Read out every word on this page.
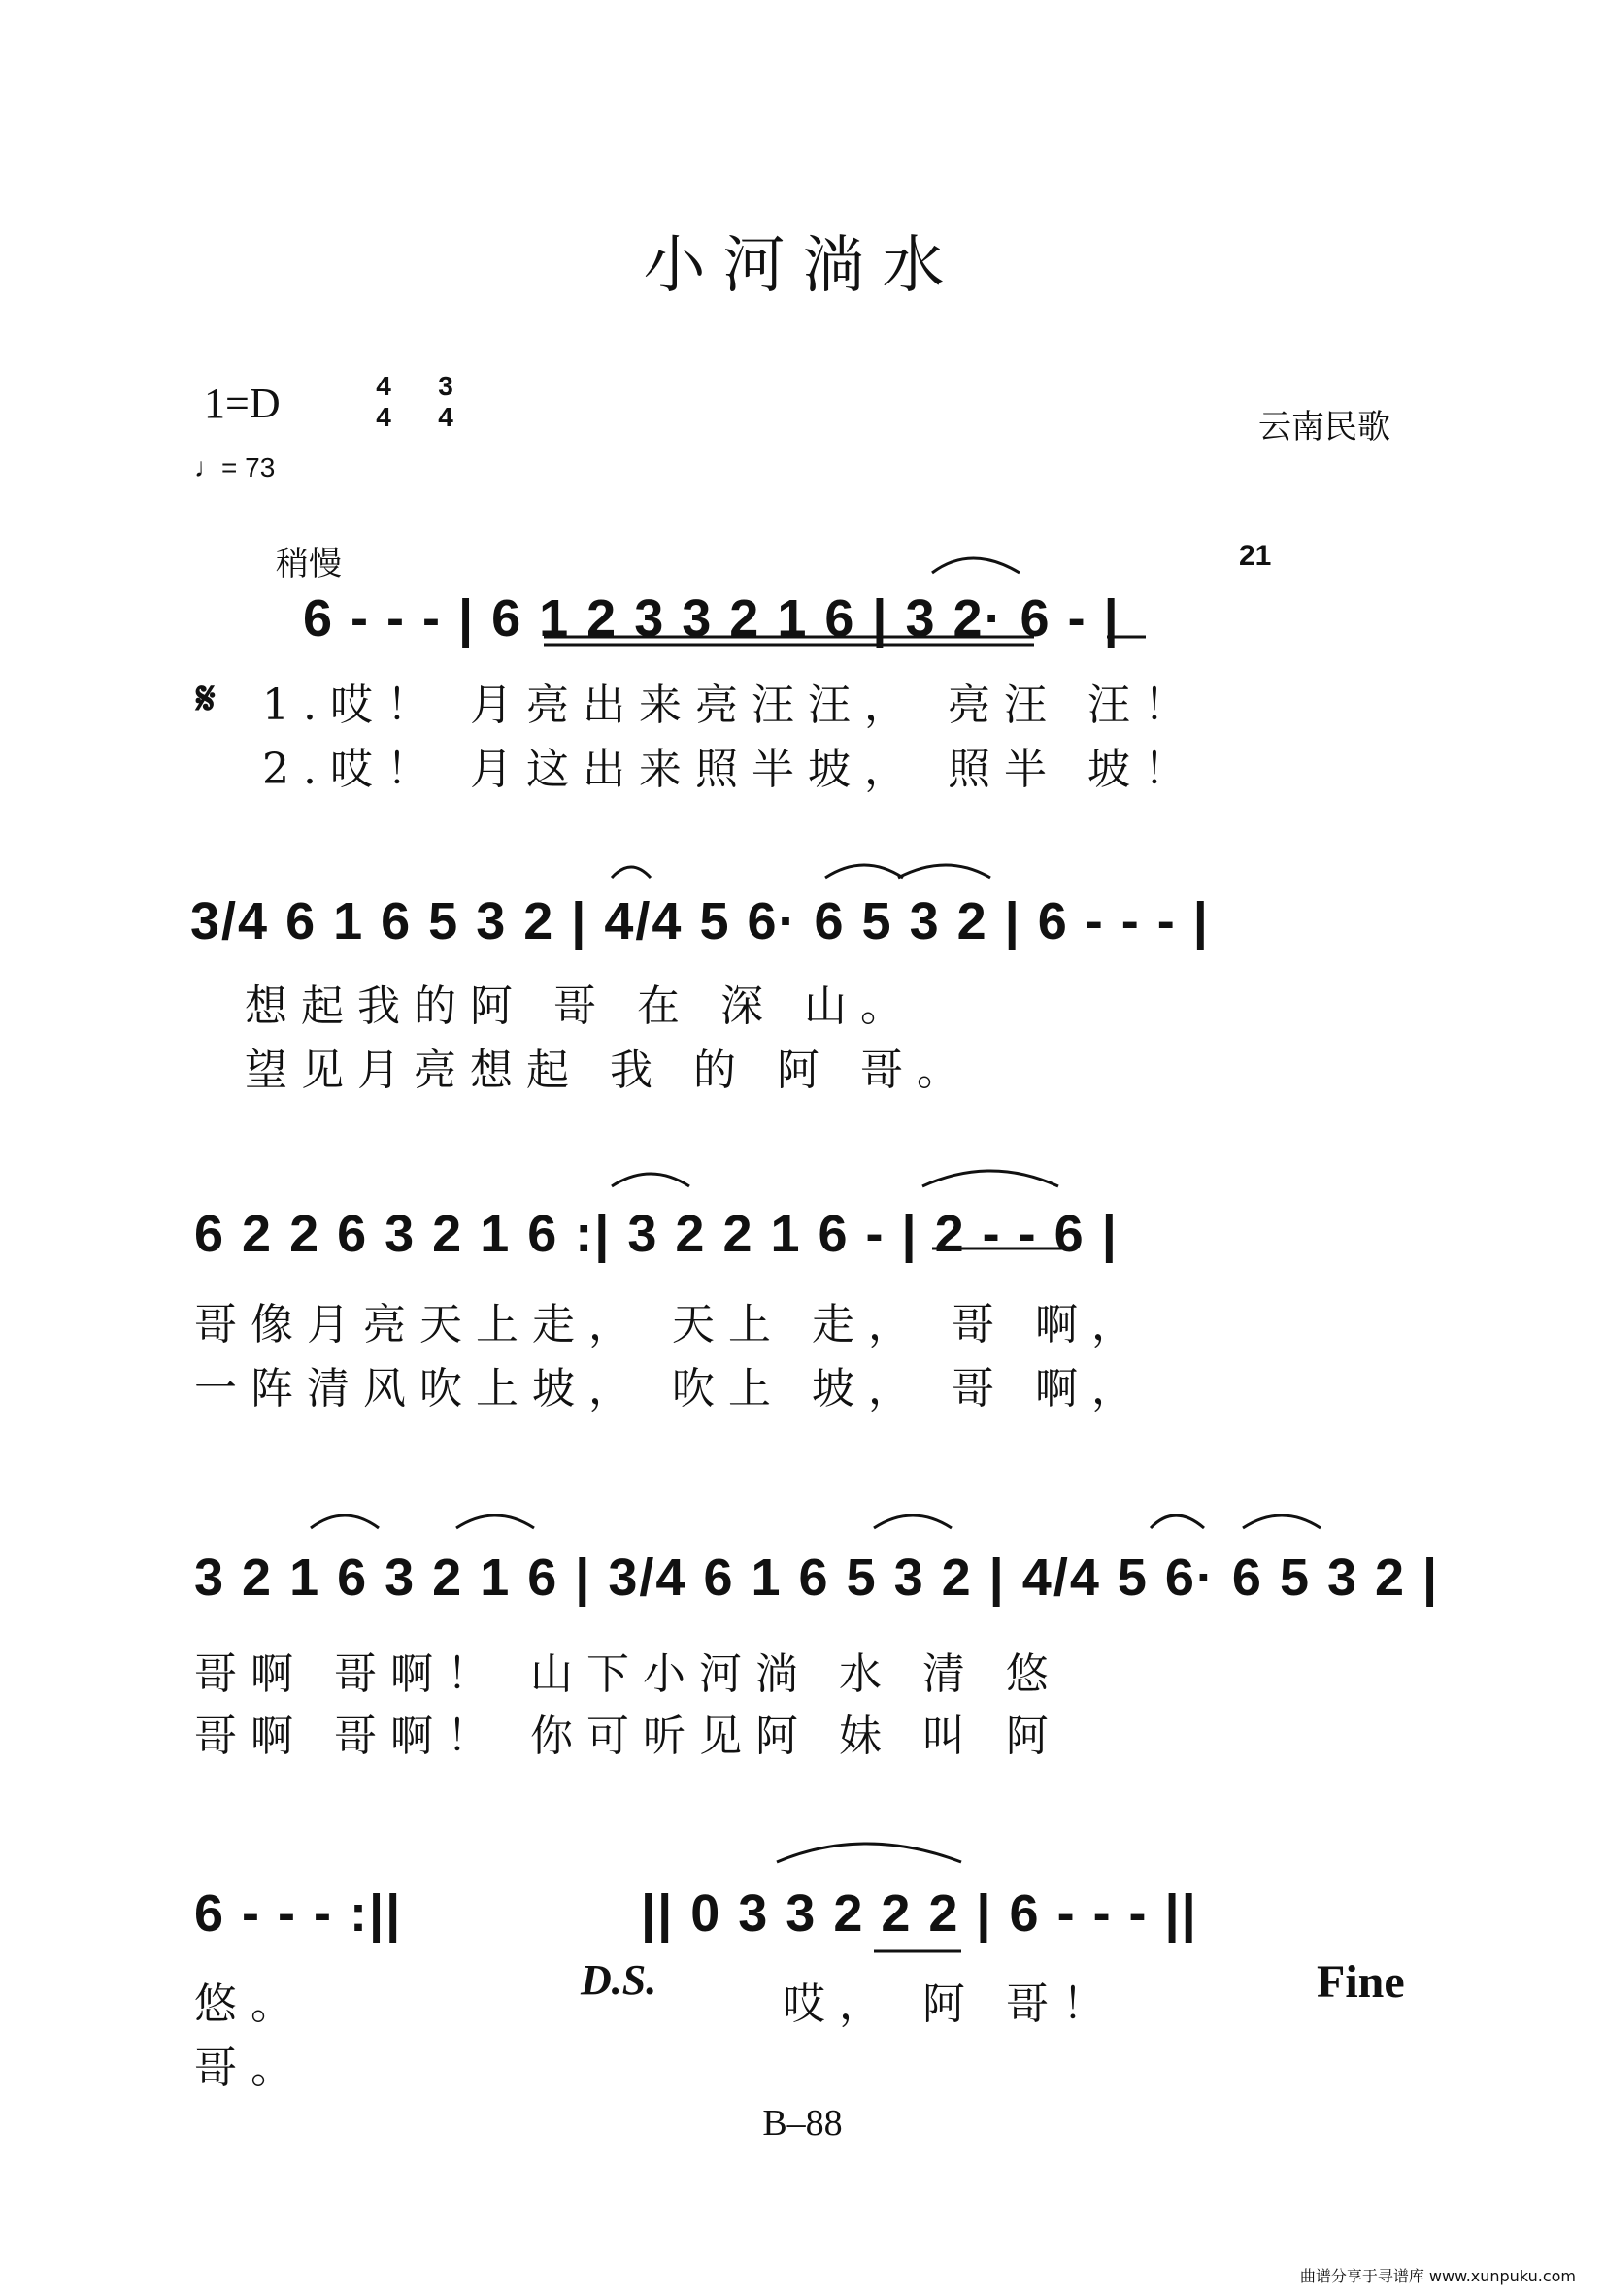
小河淌水
1=D	4
4
3
4
♩= 73
云南民歌
稍慢
6 - - - | 6 1 2 3 3 2 1 6 | 3 2· 6 - |
21
𝄋 1.哎！ 月亮出来亮汪汪， 亮汪 汪！
2.哎！ 月这出来照半坡， 照半 坡！
3/4 6 1 6 5 3 2 | 4/4 5 6· 6 5 3 2 | 6 - - - |
想起我的阿 哥 在 深 山。
望见月亮想起 我 的 阿 哥。
6 2 2 6 3 2 1 6 :| 3 2 2 1 6 - | 2 - - 6 |
哥像月亮天上走， 天上 走， 哥 啊，
一阵清风吹上坡， 吹上 坡， 哥 啊，
3 2 1 6 3 2 1 6 | 3/4 6 1 6 5 3 2 | 4/4 5 6· 6 5 3 2 |
哥啊 哥啊！ 山下小河淌 水 清 悠
哥啊 哥啊！ 你可听见阿 妹 叫 阿
6 - - - :||	|| 0 3 3 2 2 2 | 6 - - - ||
D.S.
悠。	哎， 阿 哥！	Fine
哥。
B–88
曲谱分享于寻谱库 www.xunpuku.com
